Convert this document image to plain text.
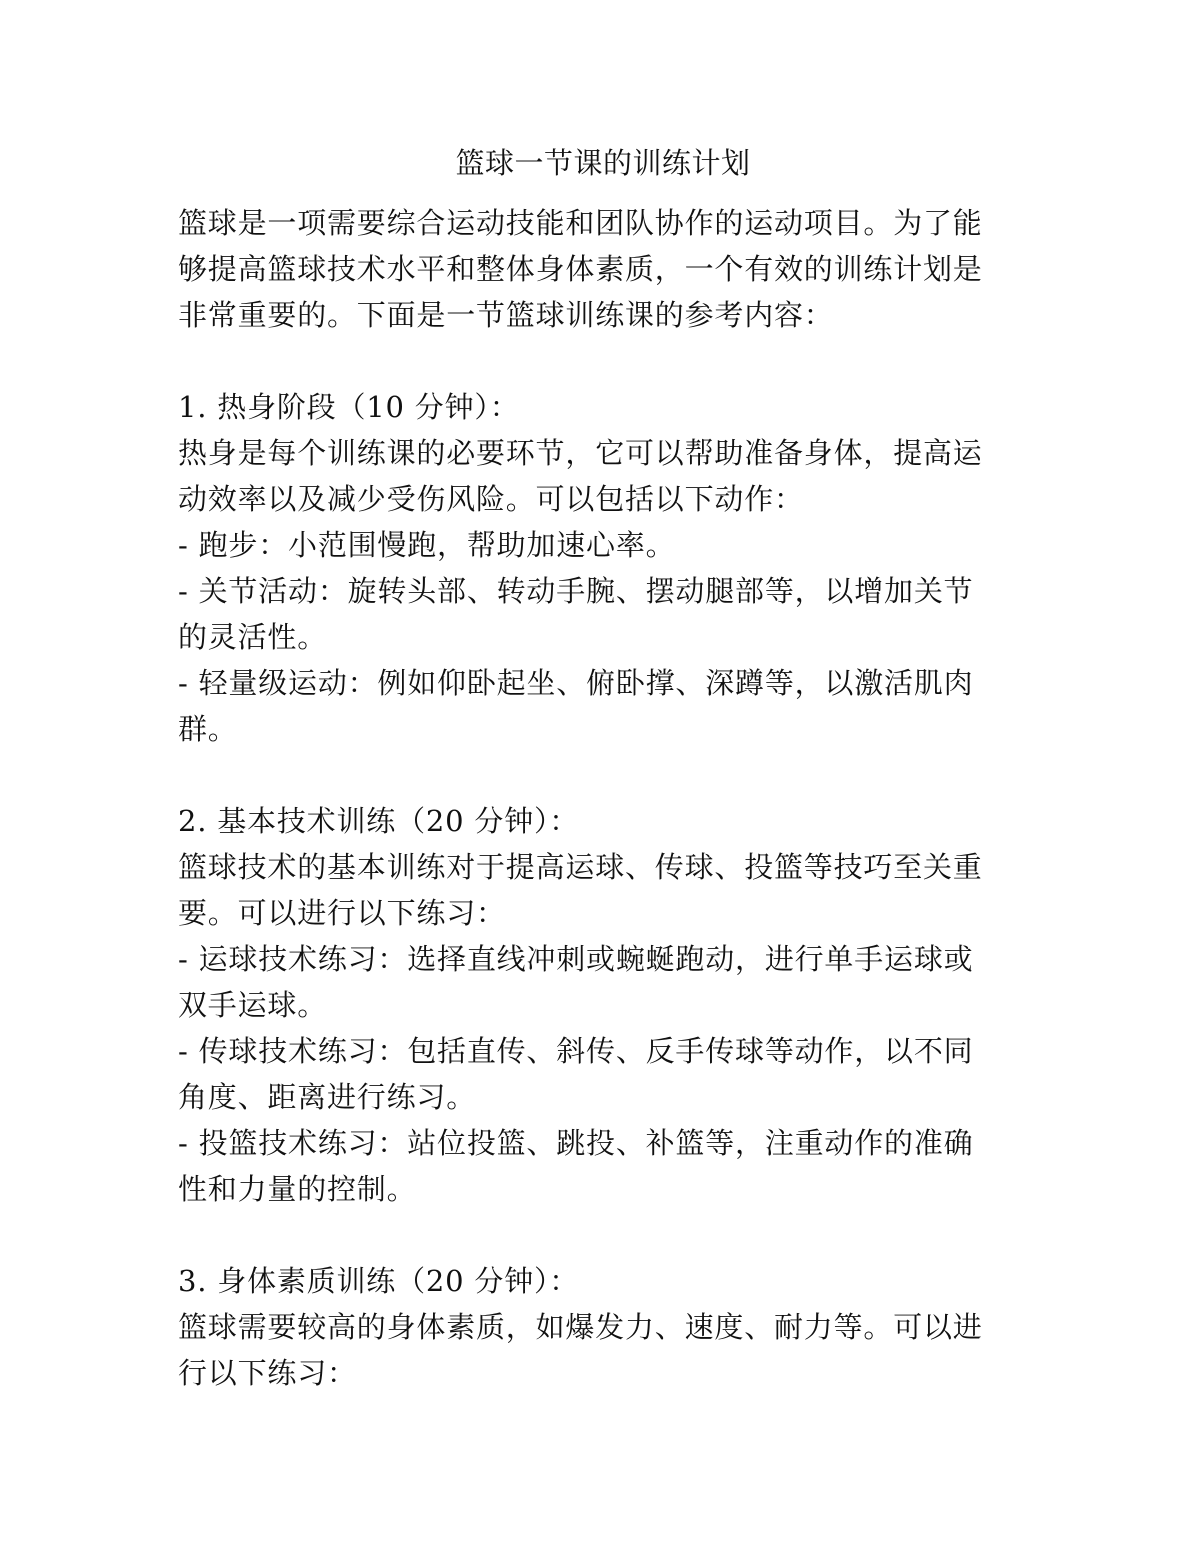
篮球一节课的训练计划
篮球是一项需要综合运动技能和团队协作的运动项目。为了能
够提高篮球技术水平和整体身体素质，一个有效的训练计划是
非常重要的。下面是一节篮球训练课的参考内容：
1. 热身阶段（10 分钟）：
热身是每个训练课的必要环节，它可以帮助准备身体，提高运
动效率以及减少受伤风险。可以包括以下动作：
- 跑步：小范围慢跑，帮助加速心率。
- 关节活动：旋转头部、转动手腕、摆动腿部等，以增加关节
的灵活性。
- 轻量级运动：例如仰卧起坐、俯卧撑、深蹲等，以激活肌肉
群。
2. 基本技术训练（20 分钟）：
篮球技术的基本训练对于提高运球、传球、投篮等技巧至关重
要。可以进行以下练习：
- 运球技术练习：选择直线冲刺或蜿蜒跑动，进行单手运球或
双手运球。
- 传球技术练习：包括直传、斜传、反手传球等动作，以不同
角度、距离进行练习。
- 投篮技术练习：站位投篮、跳投、补篮等，注重动作的准确
性和力量的控制。
3. 身体素质训练（20 分钟）：
篮球需要较高的身体素质，如爆发力、速度、耐力等。可以进
行以下练习：
